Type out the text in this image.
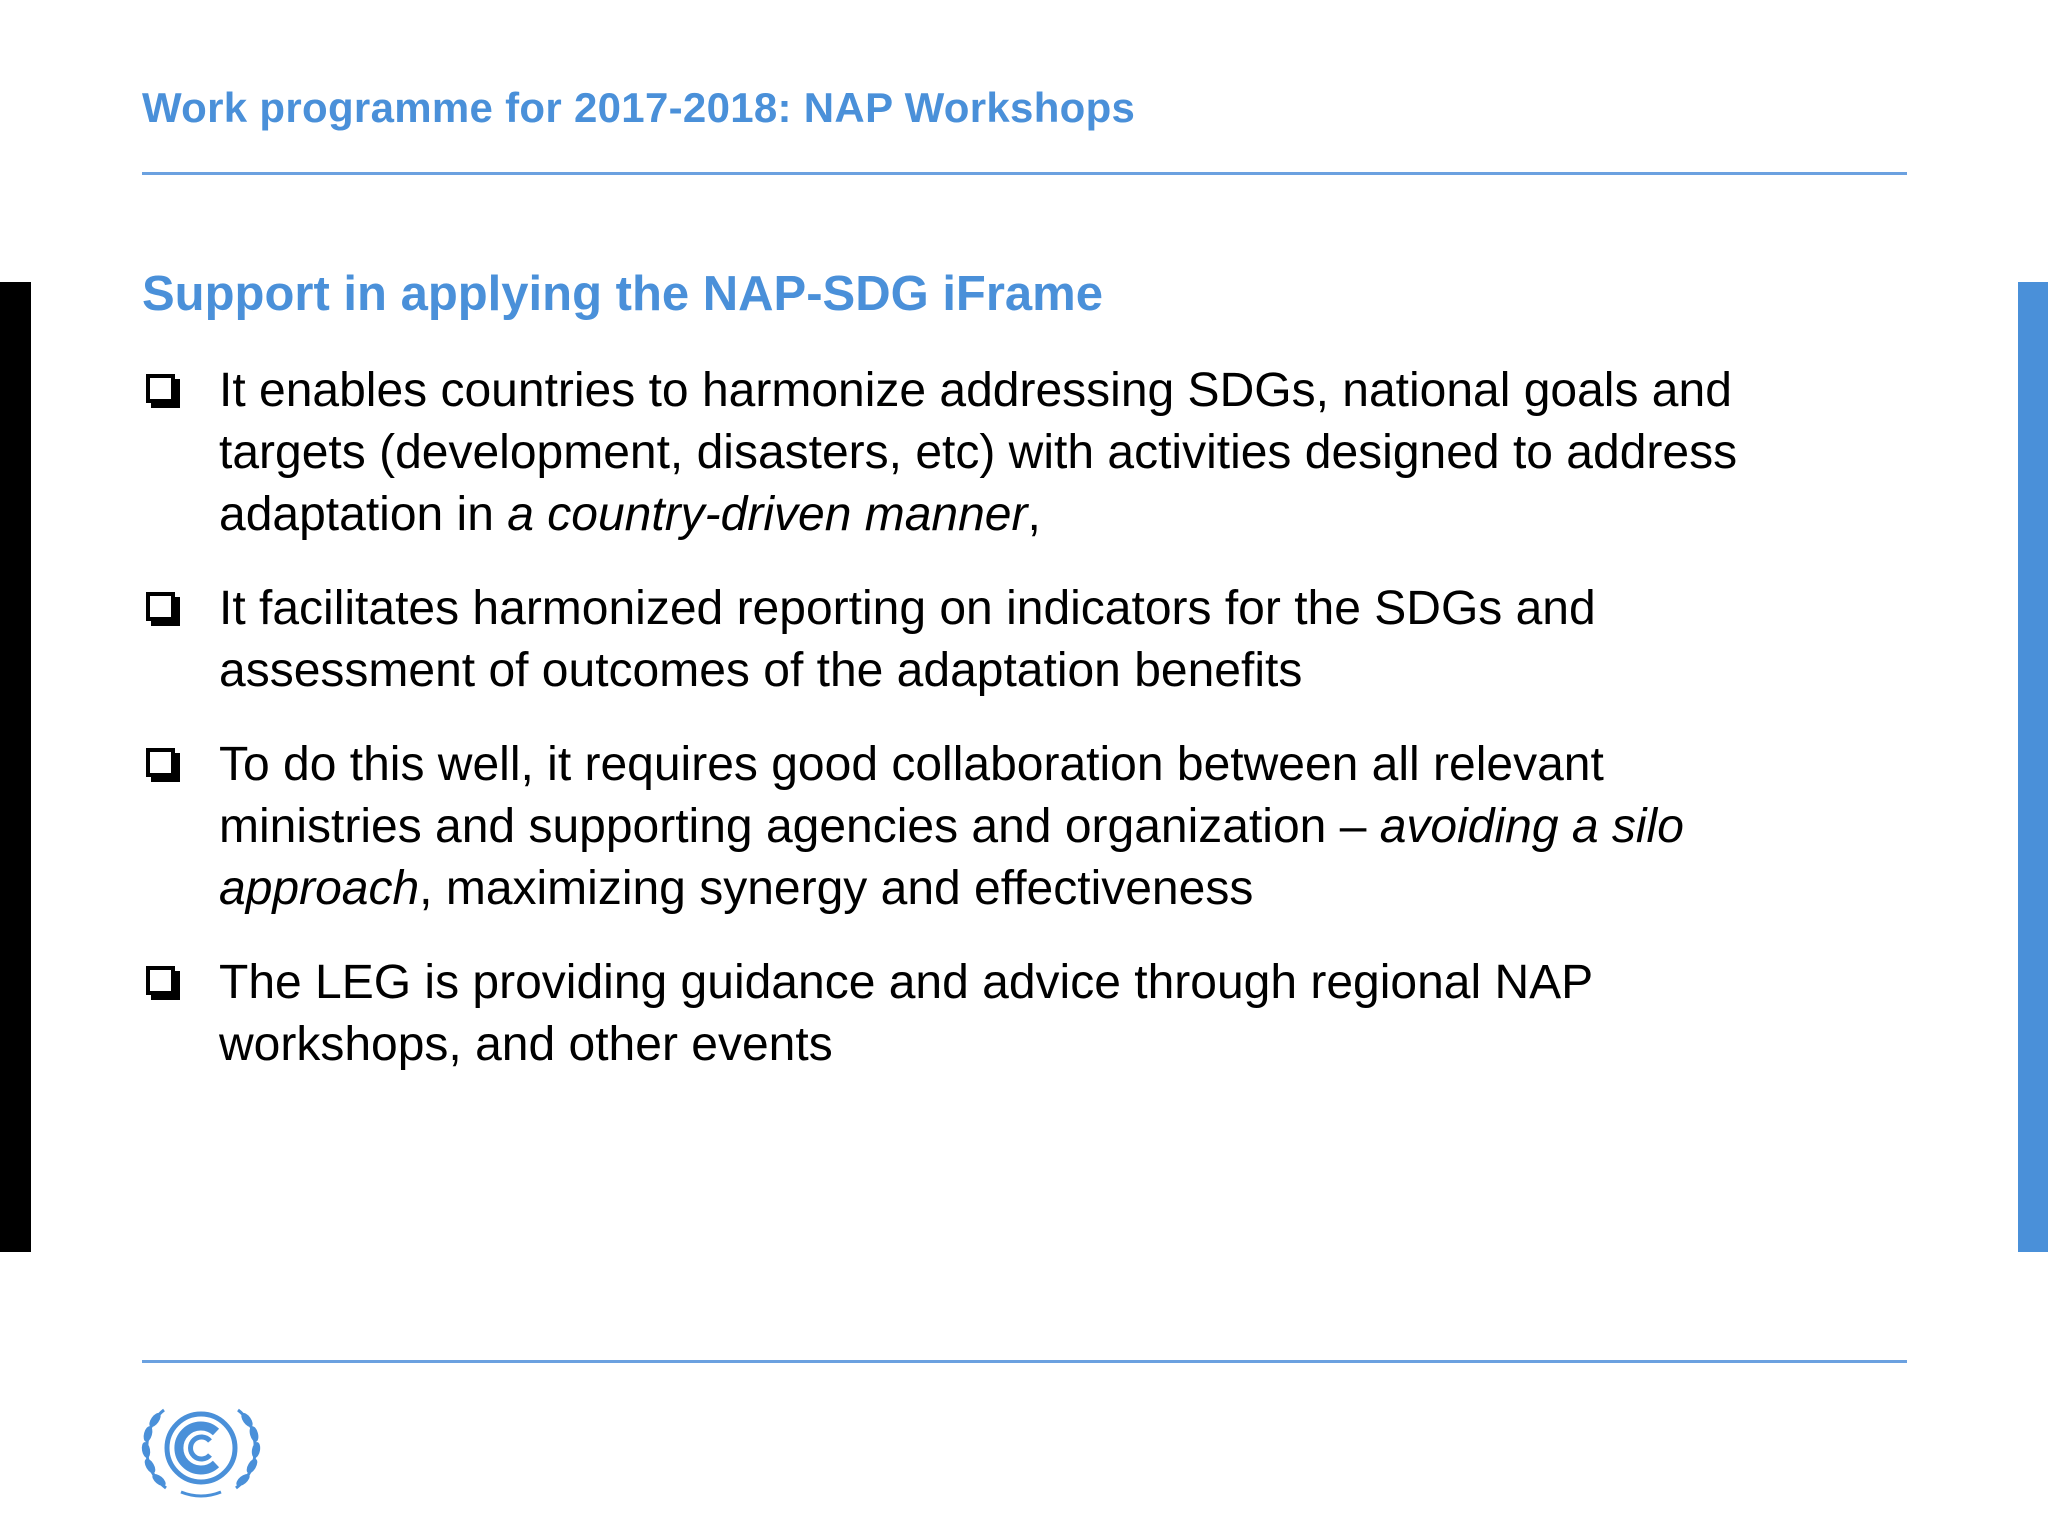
Work programme for 2017-2018: NAP Workshops
Support in applying the NAP-SDG iFrame
It enables countries to harmonize addressing SDGs, national goals and targets (development, disasters, etc) with activities designed to address adaptation in a country-driven manner,
It facilitates harmonized reporting on indicators for the SDGs and assessment of outcomes of the adaptation benefits
To do this well, it requires good collaboration between all relevant ministries and supporting agencies and organization – avoiding a silo approach, maximizing synergy and effectiveness
The LEG is providing guidance and advice through regional NAP workshops, and other events
